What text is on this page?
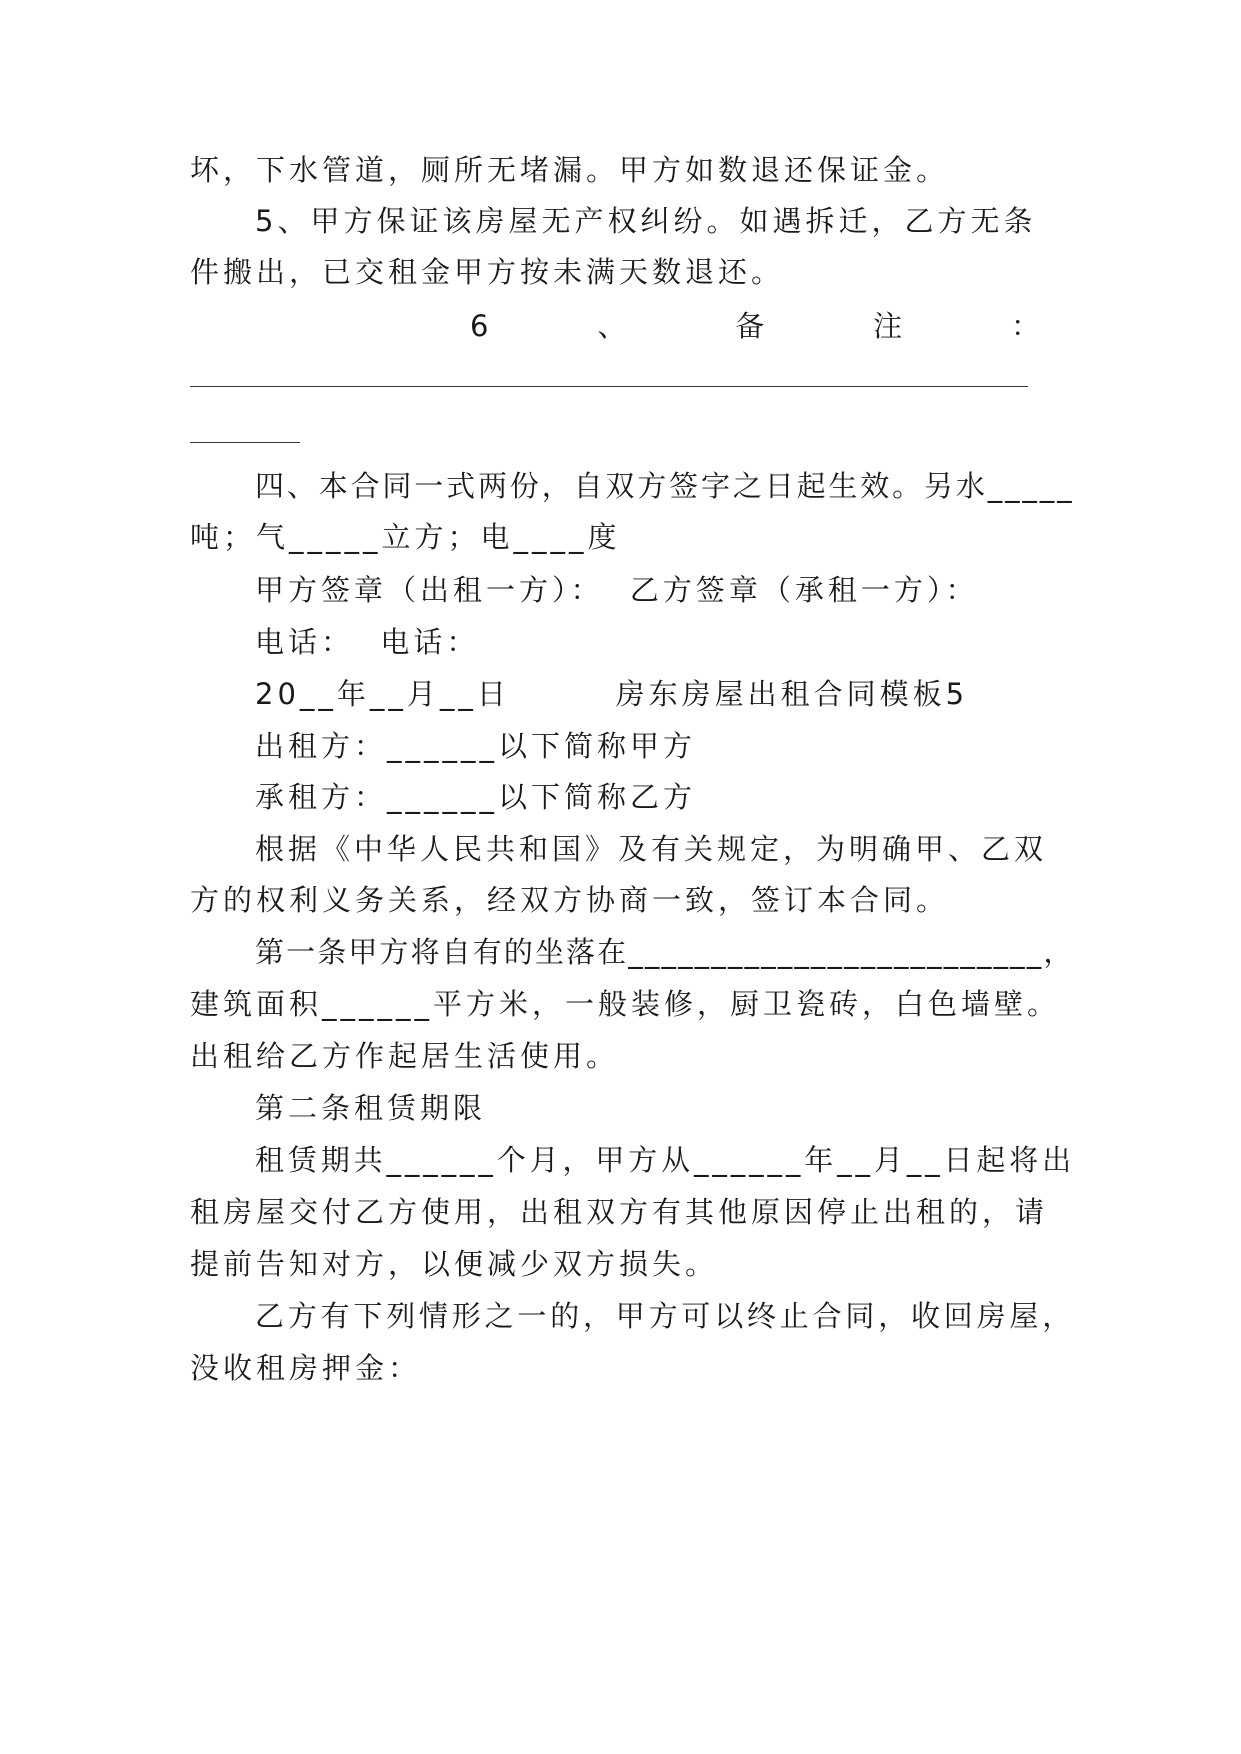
坏，下水管道，厕所无堵漏。甲方如数退还保证金。
5、甲方保证该房屋无产权纠纷。如遇拆迁，乙方无条
件搬出，已交租金甲方按未满天数退还。
6	、	备	注	：
四、本合同一式两份，自双方签字之日起生效。另水_____
吨；气_____立方；电____度
甲方签章（出租一方）：  乙方签章（承租一方）：
电话：  电话：
20__年__月__日        房东房屋出租合同模板5
出租方：______以下简称甲方
承租方：______以下简称乙方
根据《中华人民共和国》及有关规定，为明确甲、乙双
方的权利义务关系，经双方协商一致，签订本合同。
第一条甲方将自有的坐落在_________________________，
建筑面积______平方米，一般装修，厨卫瓷砖，白色墙壁。
出租给乙方作起居生活使用。
第二条租赁期限
租赁期共______个月，甲方从______年__月__日起将出
租房屋交付乙方使用，出租双方有其他原因停止出租的，请
提前告知对方，以便减少双方损失。
乙方有下列情形之一的，甲方可以终止合同，收回房屋，
没收租房押金：
